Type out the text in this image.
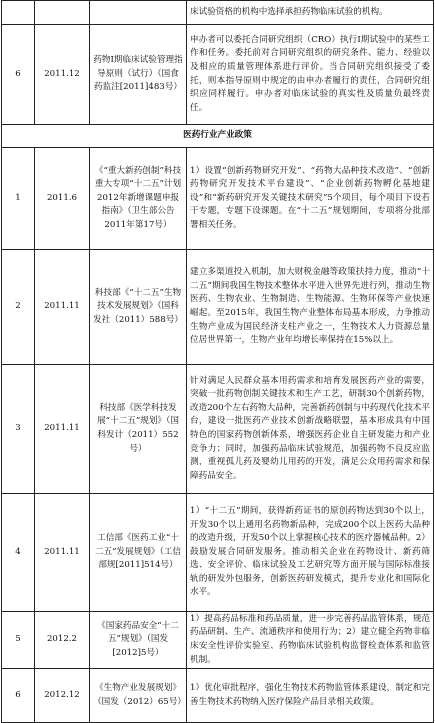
			床试验资格的机构中选择承担药物临床试验的机构。
6	2011.12	药物Ⅰ期临床试验管理指导原则（试行）（国食药监注[2011]483号）	申办者可以委托合同研究组织（CRO）执行Ⅰ期试验中的某些工作和任务。委托前对合同研究组织的研究条件、能力、经验以及相应的质量管理体系进行评价。当合同研究组织接受了委托，则本指导原则中规定的由申办者履行的责任，合同研究组织应同样履行。申办者对临床试验的真实性及质量负最终责任。
医药行业产业政策			
1	2011.6	《“重大新药创制”科技重大专项“十二五”计划2012年新增课题申报指南》（卫生部公告2011年第17号）	1）设置“创新药物研究开发”、“药物大品种技术改造”、“创新药物研究开发技术平台建设”、“企业创新药物孵化基地建设”和“新药研究开发关键技术研究”5个项目，每个项目下设若干专题，专题下设课题。在“十二五”规划期间，专项将分批部署相关任务。
2	2011.11	科技部《“十二五”生物技术发展规划》（国科发社（2011）588号）	建立多渠道投入机制，加大财税金融等政策扶持力度，推动“十二五”期间我国生物技术整体水平进入世界先进行列，推动生物医药、生物农业、生物制造、生物能源、生物环保等产业快速崛起。至2015年，我国生物产业整体布局基本形成，力争推动生物产业成为国民经济支柱产业之一，生物技术人力资源总量位居世界第一，生物产业年均增长率保持在15%以上。
3	2011.11	科技部《医学科技发展“十二五”规划》（国科发计（2011）552号）	针对满足人民群众基本用药需求和培育发展医药产业的需要，突破一批药物创制关键技术和生产工艺，研制30个创新药物，改造200个左右药物大品种，完善新药创制与中药现代化技术平台，建设一批医药产业技术创新战略联盟，基本形成具有中国特色的国家药物创新体系，增强医药企业自主研发能力和产业竞争力；同时，加强药品临床试验规范，加强药物不良反应监测，重视孤儿药及婴幼儿用药的开发，满足公众用药需求和保障药品安全。
4	2011.11	工信部《医药工业“十二五”发展规划》（工信部规[2011]514号）	1）“十二五”期间，获得新药证书的原创药物达到30个以上，开发30个以上通用名药物新品种，完成200个以上医药大品种的改造升级，开发50个以上掌握核心技术的医疗器械品种。2）鼓励发展合同研发服务。推动相关企业在药物设计、新药筛选、安全评价、临床试验及工艺研究等方面开展与国际标准接轨的研发外包服务，创新医药研发模式，提升专业化和国际化水平。
5	2012.2	《国家药品安全“十二五”规划》（国发[2012]5号）	1）提高药品标准和药品质量，进一步完善药品监管体系，规范药品研制、生产、流通秩序和使用行为；2）建立健全药物非临床安全性评价实验室、药物临床试验机构监督检查体系和监管机制。
6	2012.12	《生物产业发展规划》（国发（2012）65号）	1）优化审批程序，强化生物技术药物监管体系建设，制定和完善生物技术药物纳入医疗保险产品目录相关政策。
